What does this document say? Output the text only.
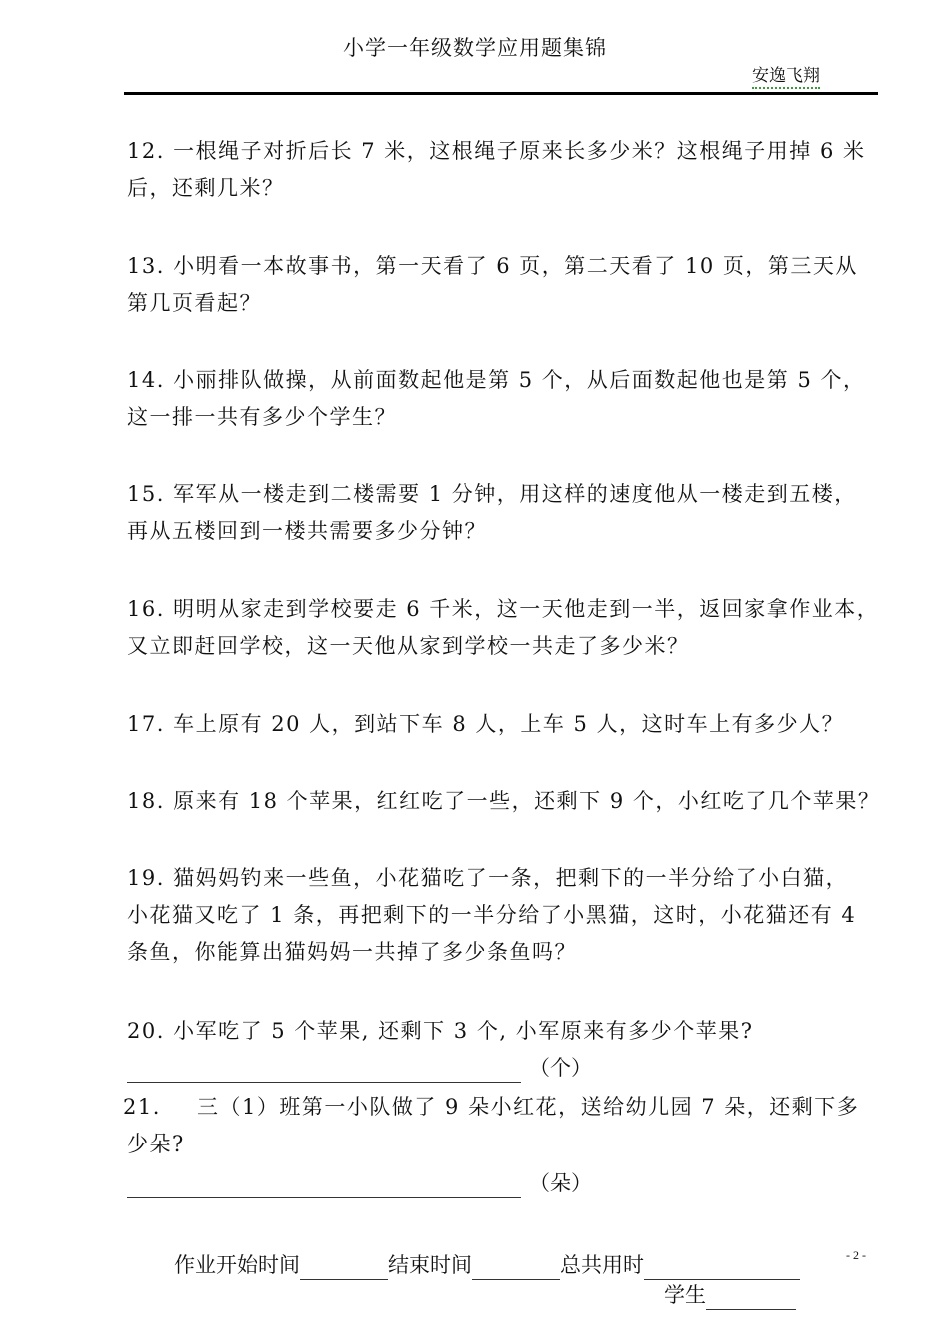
小学一年级数学应用题集锦
安逸飞翔

12. 一根绳子对折后长 7 米，这根绳子原来长多少米？这根绳子用掉 6 米
后，还剩几米？

13. 小明看一本故事书，第一天看了 6 页，第二天看了 10 页，第三天从
第几页看起？

14. 小丽排队做操，从前面数起他是第 5 个，从后面数起他也是第 5 个，
这一排一共有多少个学生？

15. 军军从一楼走到二楼需要 1 分钟，用这样的速度他从一楼走到五楼，
再从五楼回到一楼共需要多少分钟？

16. 明明从家走到学校要走 6 千米，这一天他走到一半，返回家拿作业本，
又立即赶回学校，这一天他从家到学校一共走了多少米？

17. 车上原有 20 人，到站下车 8 人，上车 5 人，这时车上有多少人？

18. 原来有 18 个苹果，红红吃了一些，还剩下 9 个，小红吃了几个苹果？

19. 猫妈妈钓来一些鱼，小花猫吃了一条，把剩下的一半分给了小白猫，
小花猫又吃了 1 条，再把剩下的一半分给了小黑猫，这时，小花猫还有 4
条鱼，你能算出猫妈妈一共掉了多少条鱼吗？

20. 小军吃了 5 个苹果, 还剩下 3 个, 小军原来有多少个苹果?

（个）

21. 三（1）班第一小队做了 9 朵小红花，送给幼儿园 7 朵，还剩下多
少朵?

（朵）
作业开始时间	结束时间	总共用时
学生
- 2 -
